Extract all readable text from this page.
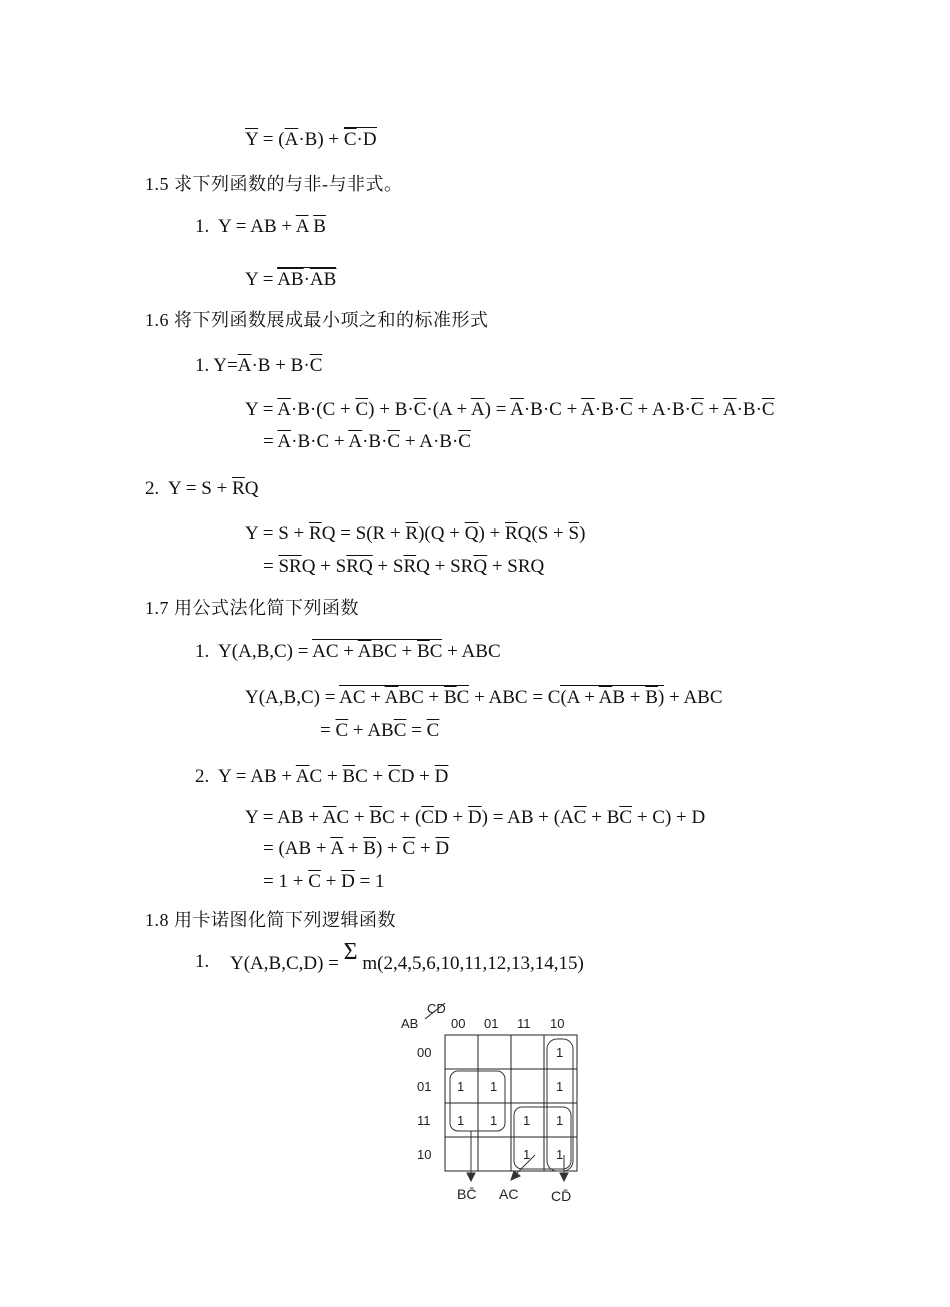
$\overline{Y} = (\overline{A}\cdot B) + \overline{C}\cdot D$
1.5 求下列函数的与非-与非式。
1.  Y = AB + $\overline{A}$ $\overline{B}$
$Y = \overline{AB}\cdot AB$
1.6 将下列函数展成最小项之和的标准形式
1. $Y=\overline{A}\cdot B + B\cdot\overline{C}$
$Y = \overline{A}\cdot B\cdot(C + \overline{C}) + B\cdot\overline{C}\cdot(A + \overline{A}) = \overline{A}\cdot B\cdot C + \overline{A}\cdot B\cdot\overline{C} + A\cdot B\cdot\overline{C} + \overline{A}\cdot B\cdot\overline{C}$
= $\overline{A}\cdot B\cdot C + \overline{A}\cdot B\cdot\overline{C} + A\cdot B\cdot\overline{C}$
2.  $Y = S + \overline{R}Q$
$Y = S + \overline{R}Q = S(R + \overline{R})(Q + \overline{Q}) + \overline{R}Q(S + \overline{S})$
= $\overline{S}\overline{R}Q + S\overline{R}\overline{Q} + S\overline{R}Q + SR\overline{Q}$ + SRQ
1.7 用公式法化简下列函数
1.  Y(A,B,C) = AC + $\overline{A}BC + \overline{B}C$ + ABC
Y(A,B,C) = AC + $\overline{A}BC + \overline{B}C$ + ABC = $C(A + \overline{A}B + \overline{B})$ + ABC
= $\overline{C} + AB\overline{C} = \overline{C}$
2.  Y = AB + $\overline{A}C + \overline{B}C + \overline{C}D + \overline{D}$
Y = AB + $\overline{A}C + \overline{B}C + (\overline{C}D + \overline{D})$ = AB + $(A\overline{C} + B\overline{C} + C) + D$
= $(AB + \overline{A} + \overline{B}) + \overline{C} + \overline{D}$
= $1 + \overline{C} + \overline{D} = 1$
1.8 用卡诺图化简下列逻辑函数
1. Y(A,B,C,D) = Σ m(2,4,5,6,10,11,12,13,14,15)
CD
AB	00 01 11 10
00
01
11
10
1
1 1	1
1 1 1 1
1 1
BC̄ AC CD̄
